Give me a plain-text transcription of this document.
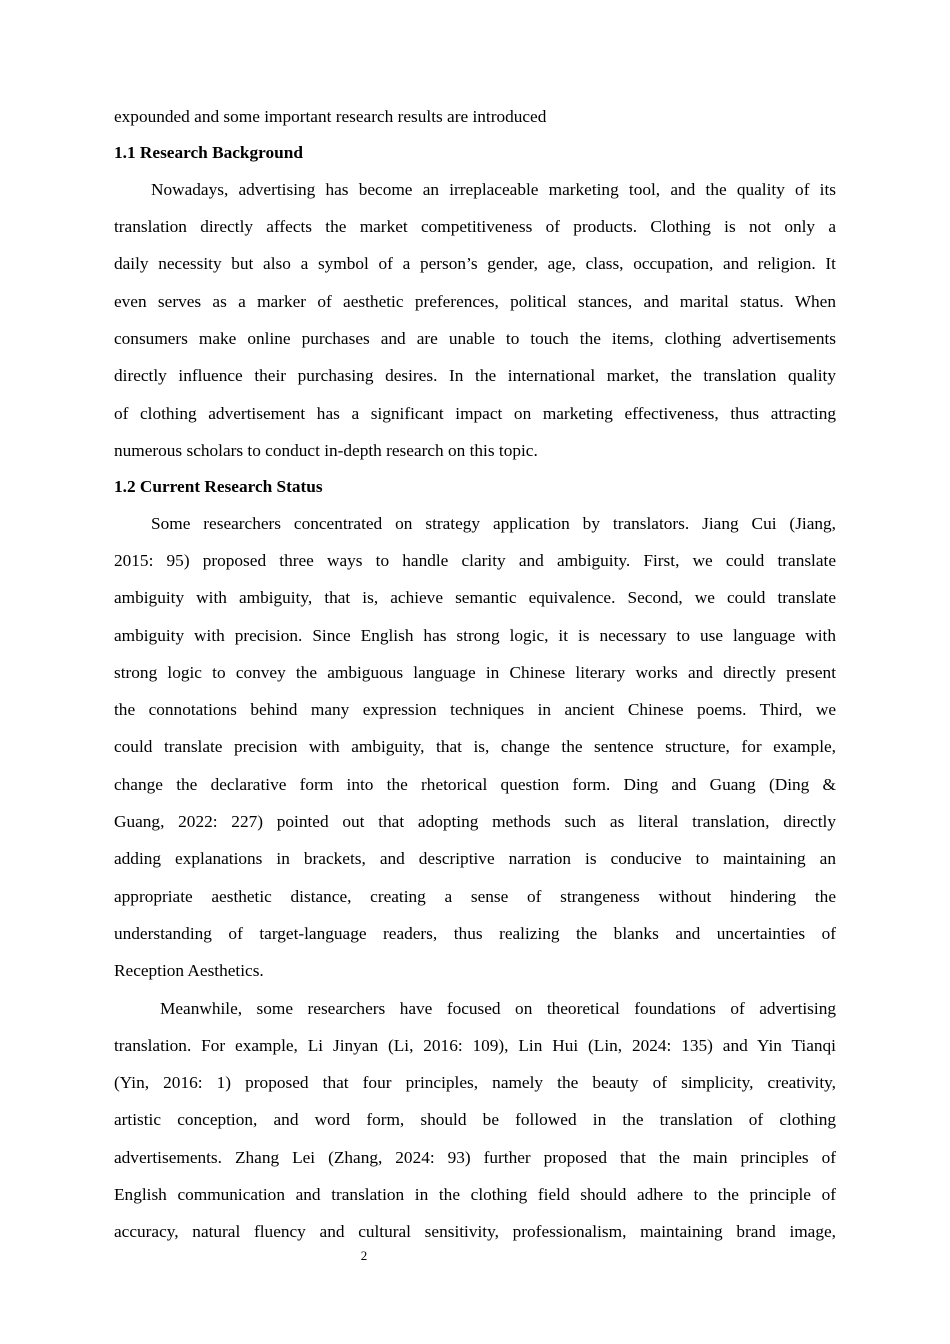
expounded and some important research results are introduced
1.1 Research Background
Nowadays, advertising has become an irreplaceable marketing tool, and the quality of its
translation directly affects the market competitiveness of products. Clothing is not only a
daily necessity but also a symbol of a person’s gender, age, class, occupation, and religion. It
even serves as a marker of aesthetic preferences, political stances, and marital status. When
consumers make online purchases and are unable to touch the items, clothing advertisements
directly influence their purchasing desires. In the international market, the translation quality
of clothing advertisement has a significant impact on marketing effectiveness, thus attracting
numerous scholars to conduct in-depth research on this topic.
1.2 Current Research Status
Some researchers concentrated on strategy application by translators. Jiang Cui (Jiang,
2015: 95) proposed three ways to handle clarity and ambiguity. First, we could translate
ambiguity with ambiguity, that is, achieve semantic equivalence. Second, we could translate
ambiguity with precision. Since English has strong logic, it is necessary to use language with
strong logic to convey the ambiguous language in Chinese literary works and directly present
the connotations behind many expression techniques in ancient Chinese poems. Third, we
could translate precision with ambiguity, that is, change the sentence structure, for example,
change the declarative form into the rhetorical question form. Ding and Guang (Ding &
Guang, 2022: 227) pointed out that adopting methods such as literal translation, directly
adding explanations in brackets, and descriptive narration is conducive to maintaining an
appropriate aesthetic distance, creating a sense of strangeness without hindering the
understanding of target-language readers, thus realizing the blanks and uncertainties of
Reception Aesthetics.
Meanwhile, some researchers have focused on theoretical foundations of advertising
translation. For example, Li Jinyan (Li, 2016: 109), Lin Hui (Lin, 2024: 135) and Yin Tianqi
(Yin, 2016: 1) proposed that four principles, namely the beauty of simplicity, creativity,
artistic conception, and word form, should be followed in the translation of clothing
advertisements. Zhang Lei (Zhang, 2024: 93) further proposed that the main principles of
English communication and translation in the clothing field should adhere to the principle of
accuracy, natural fluency and cultural sensitivity, professionalism, maintaining brand image,
2
